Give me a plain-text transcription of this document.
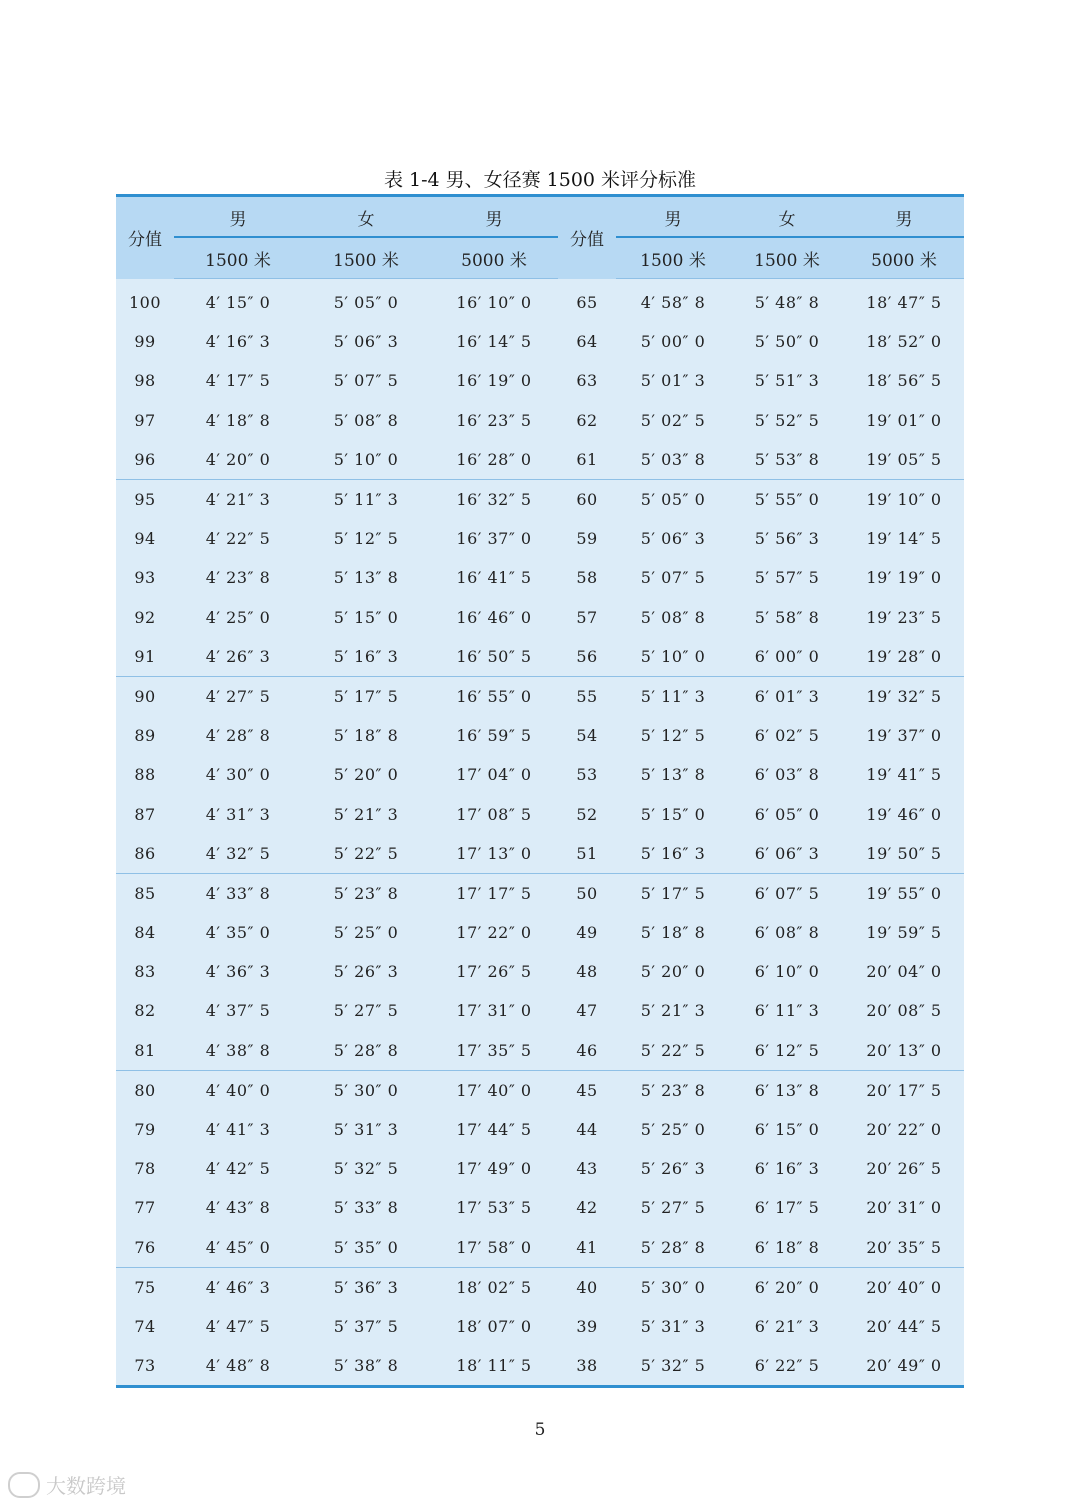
表 1-4 男、女径赛 1500 米评分标准
分值	男	女	男	分值	男	女	男
	1500 米	1500 米	5000 米		1500 米	1500 米	5000 米
100	4′ 15″ 0	5′ 05″ 0	16′ 10″ 0	65	4′ 58″ 8	5′ 48″ 8	18′ 47″ 5
99	4′ 16″ 3	5′ 06″ 3	16′ 14″ 5	64	5′ 00″ 0	5′ 50″ 0	18′ 52″ 0
98	4′ 17″ 5	5′ 07″ 5	16′ 19″ 0	63	5′ 01″ 3	5′ 51″ 3	18′ 56″ 5
97	4′ 18″ 8	5′ 08″ 8	16′ 23″ 5	62	5′ 02″ 5	5′ 52″ 5	19′ 01″ 0
96	4′ 20″ 0	5′ 10″ 0	16′ 28″ 0	61	5′ 03″ 8	5′ 53″ 8	19′ 05″ 5
95	4′ 21″ 3	5′ 11″ 3	16′ 32″ 5	60	5′ 05″ 0	5′ 55″ 0	19′ 10″ 0
94	4′ 22″ 5	5′ 12″ 5	16′ 37″ 0	59	5′ 06″ 3	5′ 56″ 3	19′ 14″ 5
93	4′ 23″ 8	5′ 13″ 8	16′ 41″ 5	58	5′ 07″ 5	5′ 57″ 5	19′ 19″ 0
92	4′ 25″ 0	5′ 15″ 0	16′ 46″ 0	57	5′ 08″ 8	5′ 58″ 8	19′ 23″ 5
91	4′ 26″ 3	5′ 16″ 3	16′ 50″ 5	56	5′ 10″ 0	6′ 00″ 0	19′ 28″ 0
90	4′ 27″ 5	5′ 17″ 5	16′ 55″ 0	55	5′ 11″ 3	6′ 01″ 3	19′ 32″ 5
89	4′ 28″ 8	5′ 18″ 8	16′ 59″ 5	54	5′ 12″ 5	6′ 02″ 5	19′ 37″ 0
88	4′ 30″ 0	5′ 20″ 0	17′ 04″ 0	53	5′ 13″ 8	6′ 03″ 8	19′ 41″ 5
87	4′ 31″ 3	5′ 21″ 3	17′ 08″ 5	52	5′ 15″ 0	6′ 05″ 0	19′ 46″ 0
86	4′ 32″ 5	5′ 22″ 5	17′ 13″ 0	51	5′ 16″ 3	6′ 06″ 3	19′ 50″ 5
85	4′ 33″ 8	5′ 23″ 8	17′ 17″ 5	50	5′ 17″ 5	6′ 07″ 5	19′ 55″ 0
84	4′ 35″ 0	5′ 25″ 0	17′ 22″ 0	49	5′ 18″ 8	6′ 08″ 8	19′ 59″ 5
83	4′ 36″ 3	5′ 26″ 3	17′ 26″ 5	48	5′ 20″ 0	6′ 10″ 0	20′ 04″ 0
82	4′ 37″ 5	5′ 27″ 5	17′ 31″ 0	47	5′ 21″ 3	6′ 11″ 3	20′ 08″ 5
81	4′ 38″ 8	5′ 28″ 8	17′ 35″ 5	46	5′ 22″ 5	6′ 12″ 5	20′ 13″ 0
80	4′ 40″ 0	5′ 30″ 0	17′ 40″ 0	45	5′ 23″ 8	6′ 13″ 8	20′ 17″ 5
79	4′ 41″ 3	5′ 31″ 3	17′ 44″ 5	44	5′ 25″ 0	6′ 15″ 0	20′ 22″ 0
78	4′ 42″ 5	5′ 32″ 5	17′ 49″ 0	43	5′ 26″ 3	6′ 16″ 3	20′ 26″ 5
77	4′ 43″ 8	5′ 33″ 8	17′ 53″ 5	42	5′ 27″ 5	6′ 17″ 5	20′ 31″ 0
76	4′ 45″ 0	5′ 35″ 0	17′ 58″ 0	41	5′ 28″ 8	6′ 18″ 8	20′ 35″ 5
75	4′ 46″ 3	5′ 36″ 3	18′ 02″ 5	40	5′ 30″ 0	6′ 20″ 0	20′ 40″ 0
74	4′ 47″ 5	5′ 37″ 5	18′ 07″ 0	39	5′ 31″ 3	6′ 21″ 3	20′ 44″ 5
73	4′ 48″ 8	5′ 38″ 8	18′ 11″ 5	38	5′ 32″ 5	6′ 22″ 5	20′ 49″ 0
5
大数跨境
